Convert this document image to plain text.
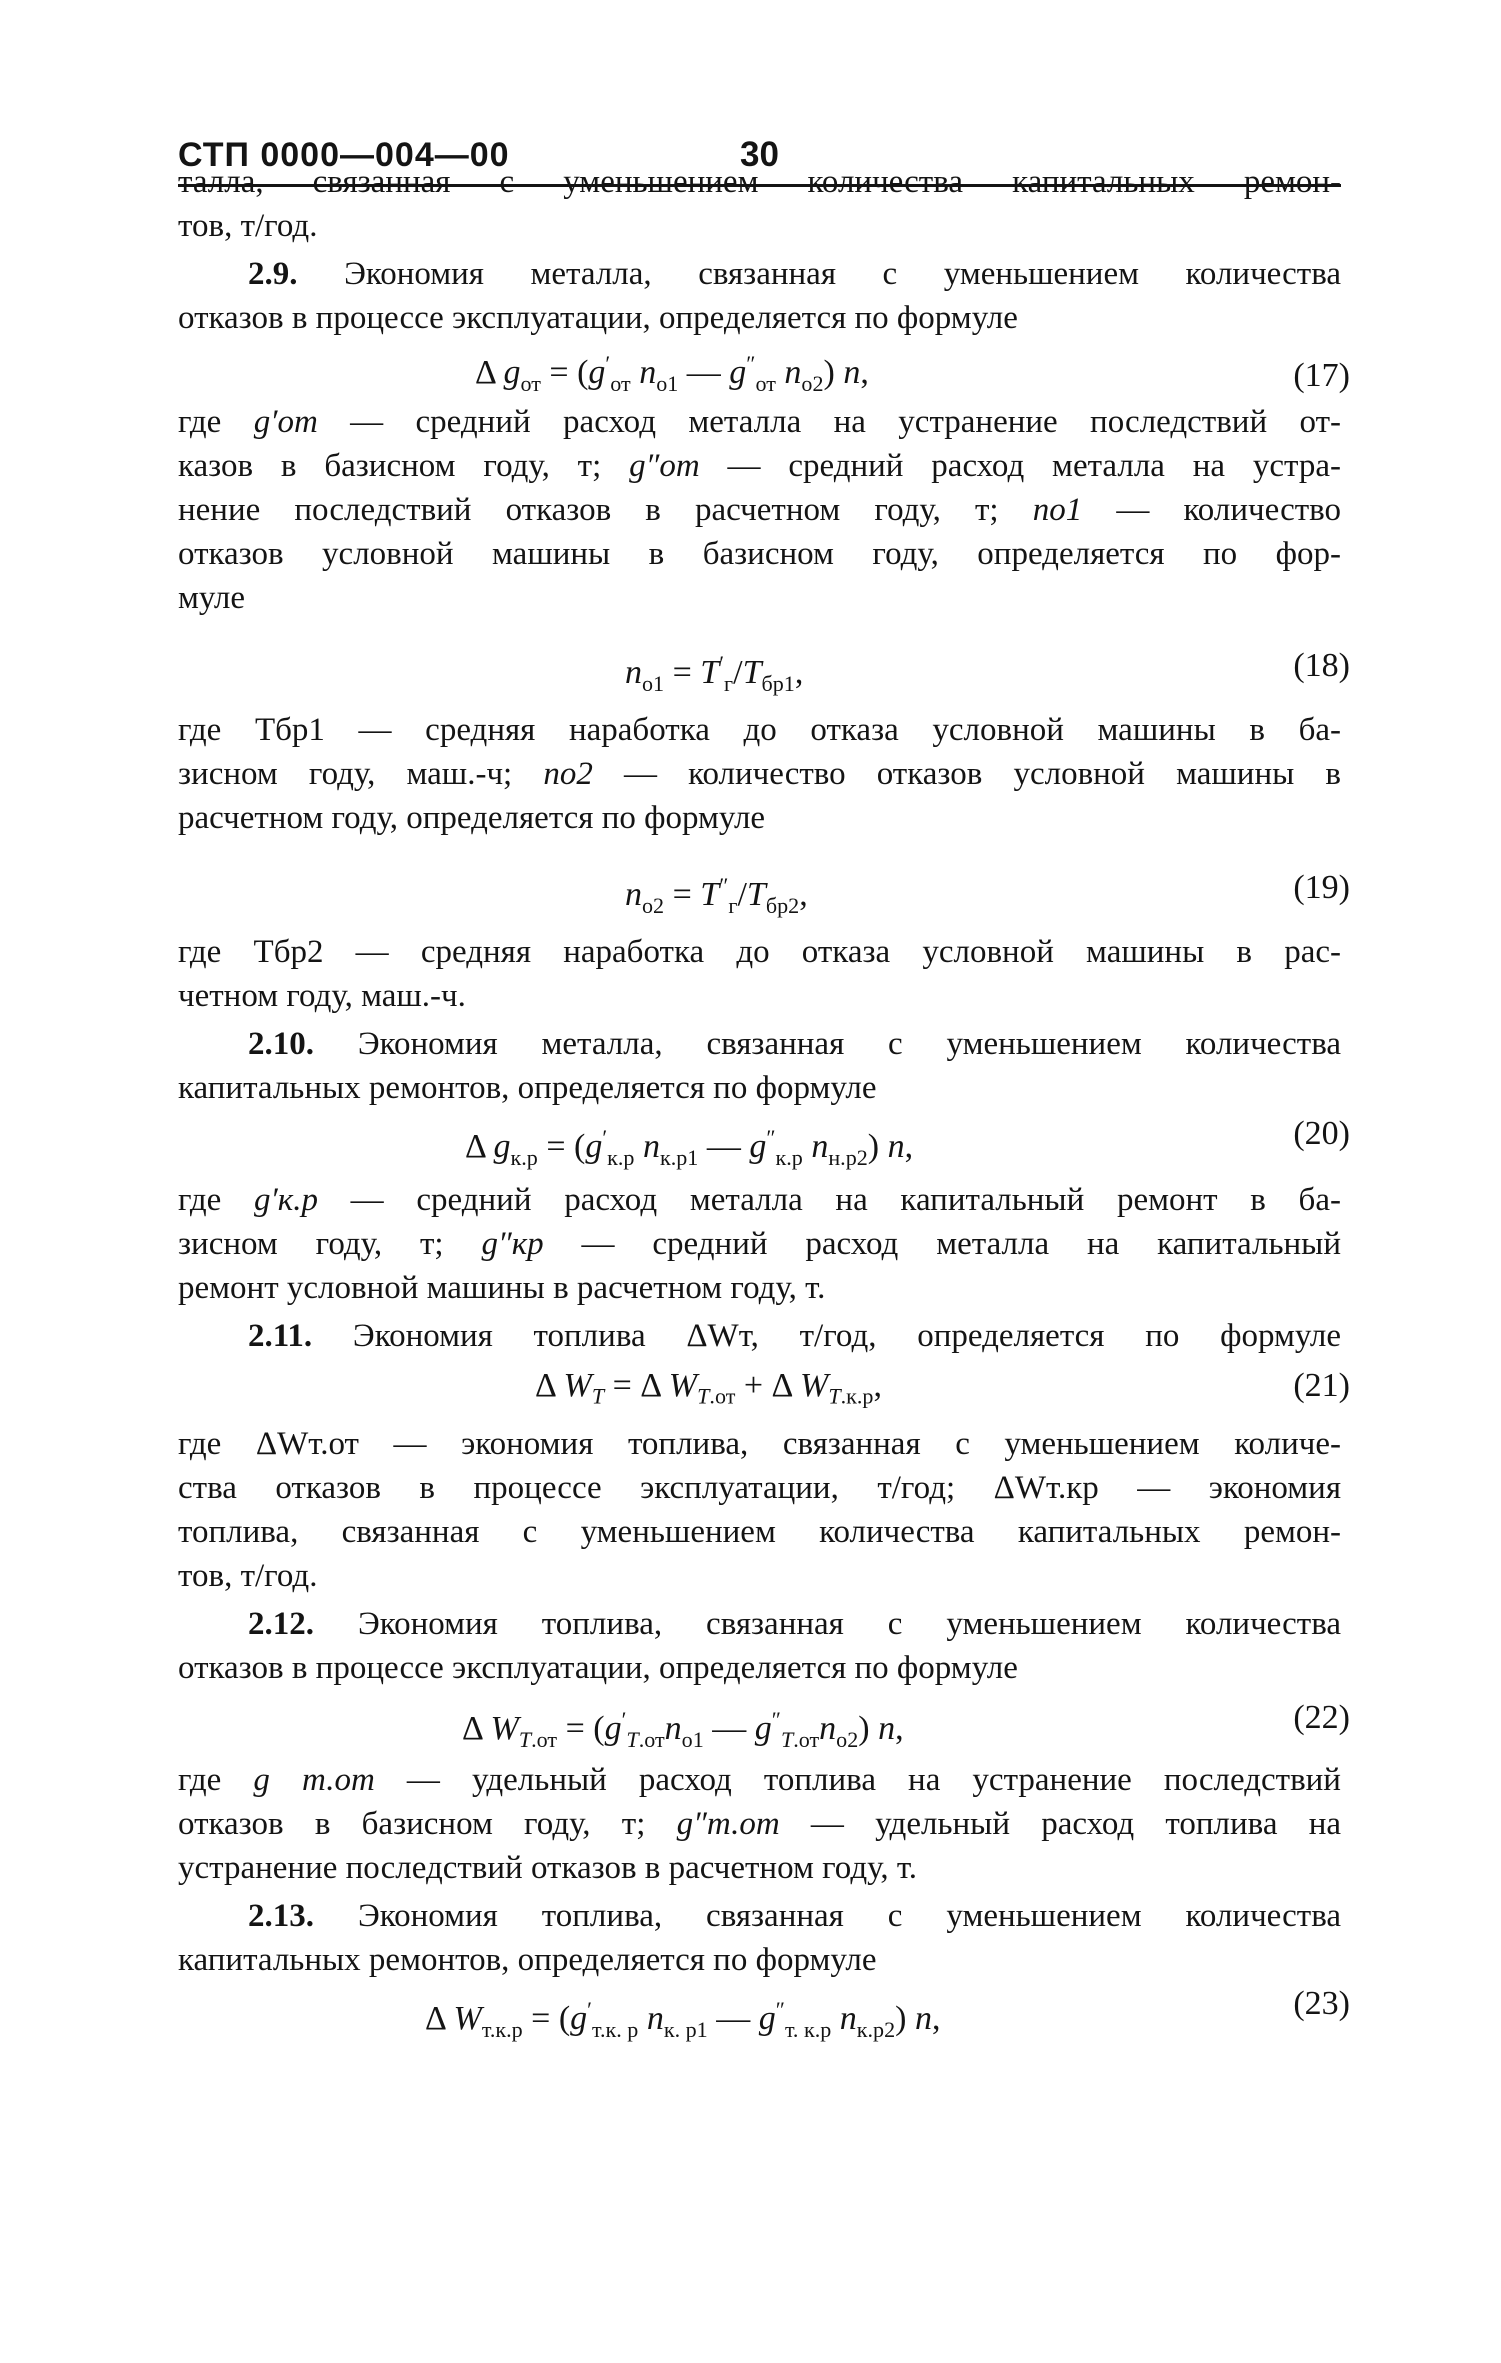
СТП 0000—004—00	30
талла, связанная с уменьшением количества капитальных ремон-
тов, т/год.
2.9. Экономия металла, связанная с уменьшением количества
отказов в процессе эксплуатации, определяется по формуле
Δ $g_{от} = (g'_{от}$ $n_{о1}$ — $g''_{от}$ $n_{о2}$) n,	(17)
где g′от — средний расход металла на устранение последствий от-
казов в базисном году, т; g″от — средний расход металла на устра-
нение последствий отказов в расчетном году, т; nо1 — количество
отказов условной машины в базисном году, определяется по фор-
муле
$n_{о1} = T'_г/T_{бр1}$,	(18)
где Тбр1 — средняя наработка до отказа условной машины в ба-
зисном году, маш.-ч; nо2 — количество отказов условной машины в
расчетном году, определяется по формуле
$n_{о2} = T''_г/T_{бр2}$,	(19)
где Тбр2 — средняя наработка до отказа условной машины в рас-
четном году, маш.-ч.
2.10. Экономия металла, связанная с уменьшением количества
капитальных ремонтов, определяется по формуле
Δ $g_{к.р} = (g'_{к.р}$ $n_{к.р1}$ — $g''_{к.р}$ $n_{н.р2}$) n,	(20)
где g′к.р — средний расход металла на капитальный ремонт в ба-
зисном году, т; g″кр — средний расход металла на капитальный
ремонт условной машины в расчетном году, т.
2.11. Экономия топлива ΔWт, т/год, определяется по формуле
Δ $W_T = \Delta$ $W_{T.от} + \Delta$ $W_{T.к.р}$,	(21)
где ΔWт.от — экономия топлива, связанная с уменьшением количе-
ства отказов в процессе эксплуатации, т/год; ΔWт.кр — экономия
топлива, связанная с уменьшением количества капитальных ремон-
тов, т/год.
2.12. Экономия топлива, связанная с уменьшением количества
отказов в процессе эксплуатации, определяется по формуле
Δ $W_{T.от} = (g'_{T.от}n_{о1}$ — $g''_{T.от}n_{о2}$) n,	(22)
где g т.от — удельный расход топлива на устранение последствий
отказов в базисном году, т; g″т.от — удельный расход топлива на
устранение последствий отказов в расчетном году, т.
2.13. Экономия топлива, связанная с уменьшением количества
капитальных ремонтов, определяется по формуле
Δ $W_{т.к.р} = (g'_{т.к. р}$ $n_{к. р1}$ — $g''_{т. к.р}$ $n_{к.р2}$) n,	(23)
